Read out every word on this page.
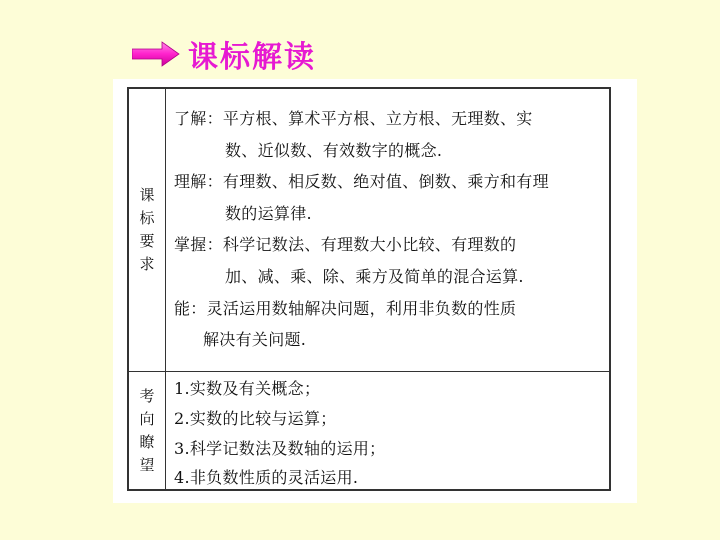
课标解读
课
标
要
求
了解：平方根、算术平方根、立方根、无理数、实
数、近似数、有效数字的概念.
理解：有理数、相反数、绝对值、倒数、乘方和有理
数的运算律.
掌握：科学记数法、有理数大小比较、有理数的
加、减、乘、除、乘方及简单的混合运算.
能：灵活运用数轴解决问题，利用非负数的性质
解决有关问题.
考
向
瞭
望
1.实数及有关概念；
2.实数的比较与运算；
3.科学记数法及数轴的运用；
4.非负数性质的灵活运用.
